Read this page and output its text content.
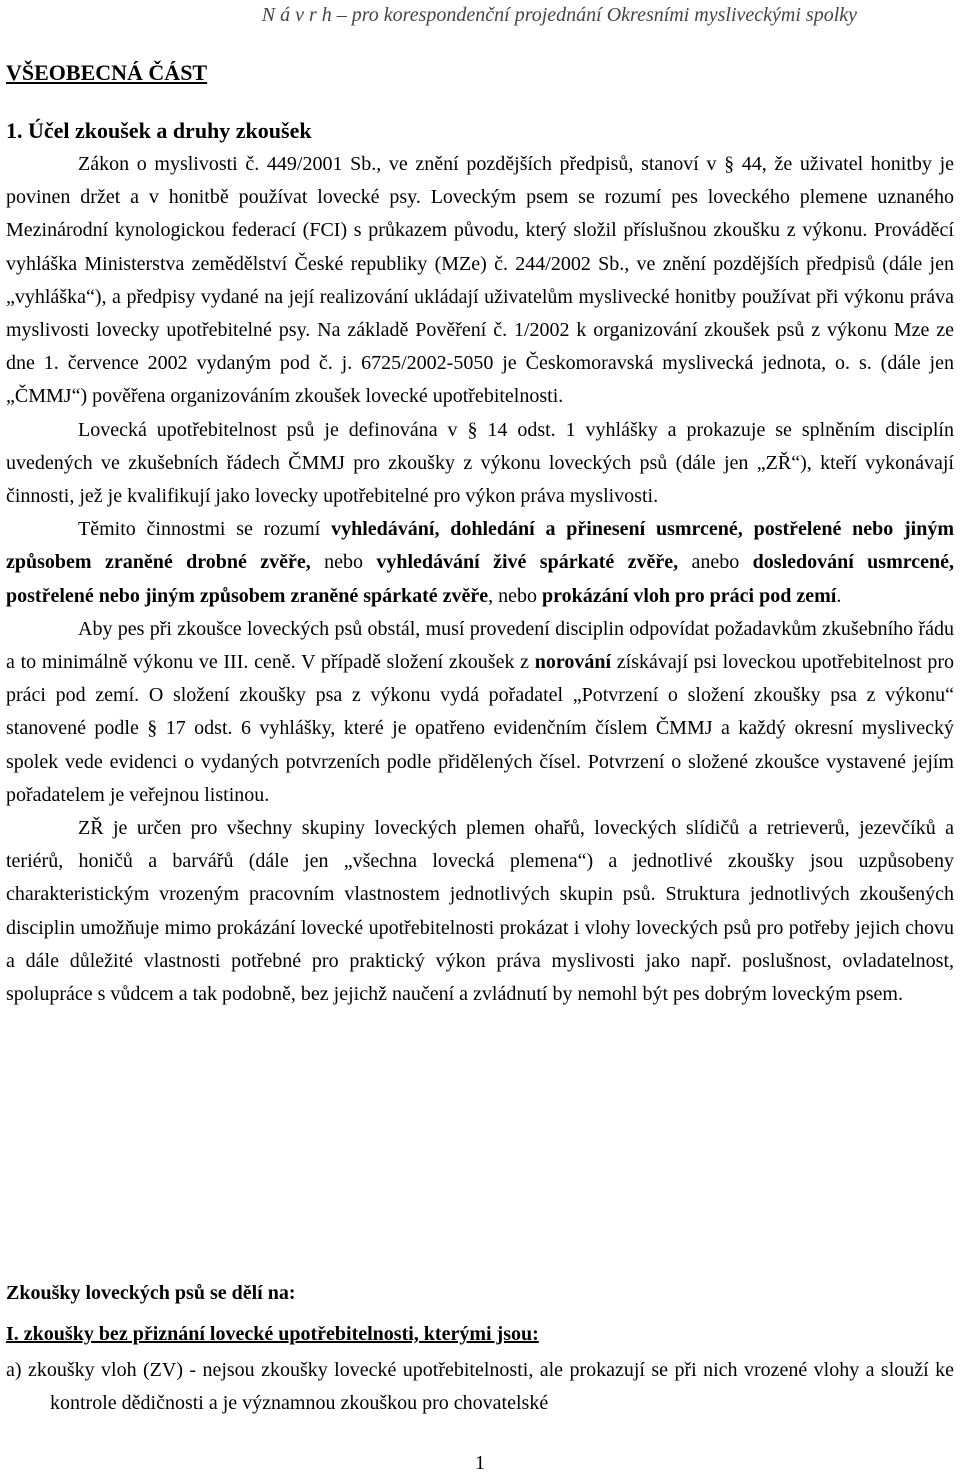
N á v r h – pro korespondenční projednání Okresními mysliveckými spolky
VŠEOBECNÁ ČÁST
1. Účel zkoušek a druhy zkoušek

Zákon o myslivosti č. 449/2001 Sb., ve znění pozdějších předpisů, stanoví v § 44, že uživatel honitby je povinen držet a v honitbě používat lovecké psy. Loveckým psem se rozumí pes loveckého plemene uznaného Mezinárodní kynologickou federací (FCI) s průkazem původu, který složil příslušnou zkoušku z výkonu. Prováděcí vyhláška Ministerstva zemědělství České republiky (MZe) č. 244/2002 Sb., ve znění pozdějších předpisů (dále jen „vyhláška“), a předpisy vydané na její realizování ukládají uživatelům myslivecké honitby používat při výkonu práva myslivosti lovecky upotřebitelné psy. Na základě Pověření č. 1/2002 k organizování zkoušek psů z výkonu Mze ze dne 1. července 2002 vydaným pod č. j. 6725/2002-5050 je Českomoravská myslivecká jednota, o. s. (dále jen „ČMMJ“) pověřena organizováním zkoušek lovecké upotřebitelnosti.

Lovecká upotřebitelnost psů je definována v § 14 odst. 1 vyhlášky a prokazuje se splněním disciplín uvedených ve zkušebních řádech ČMMJ pro zkoušky z výkonu loveckých psů (dále jen „ZŘ“), kteří vykonávají činnosti, jež je kvalifikují jako lovecky upotřebitelné pro výkon práva myslivosti.

Těmito činnostmi se rozumí vyhledávání, dohledání a přinesení usmrcené, postřelené nebo jiným způsobem zraněné drobné zvěře, nebo vyhledávání živé spárkaté zvěře, anebo dosledování usmrcené, postřelené nebo jiným způsobem zraněné spárkaté zvěře, nebo prokázání vloh pro práci pod zemí.

Aby pes při zkoušce loveckých psů obstál, musí provedení disciplin odpovídat požadavkům zkušebního řádu a to minimálně výkonu ve III. ceně. V případě složení zkoušek z norování získávají psi loveckou upotřebitelnost pro práci pod zemí. O složení zkoušky psa z výkonu vydá pořadatel „Potvrzení o složení zkoušky psa z výkonu“ stanovené podle § 17 odst. 6 vyhlášky, které je opatřeno evidenčním číslem ČMMJ a každý okresní myslivecký spolek vede evidenci o vydaných potvrzeních podle přidělených čísel. Potvrzení o složené zkoušce vystavené jejím pořadatelem je veřejnou listinou.

ZŘ je určen pro všechny skupiny loveckých plemen ohařů, loveckých slídičů a retrieverů, jezevčíků a teriérů, honičů a barvářů (dále jen „všechna lovecká plemena“) a jednotlivé zkoušky jsou uzpůsobeny charakteristickým vrozeným pracovním vlastnostem jednotlivých skupin psů. Struktura jednotlivých zkoušených disciplin umožňuje mimo prokázání lovecké upotřebitelnosti prokázat i vlohy loveckých psů pro potřeby jejich chovu a dále důležité vlastnosti potřebné pro praktický výkon práva myslivosti jako např. poslušnost, ovladatelnost, spolupráce s vůdcem a tak podobně, bez jejichž naučení a zvládnutí by nemohl být pes dobrým loveckým psem.

Zkoušky loveckých psů se dělí na:
I. zkoušky bez přiznání lovecké upotřebitelnosti, kterými jsou:
a) zkoušky vloh (ZV) - nejsou zkoušky lovecké upotřebitelnosti, ale prokazují se při nich vrozené vlohy a slouží ke kontrole dědičnosti a je významnou zkouškou pro chovatelské
1
